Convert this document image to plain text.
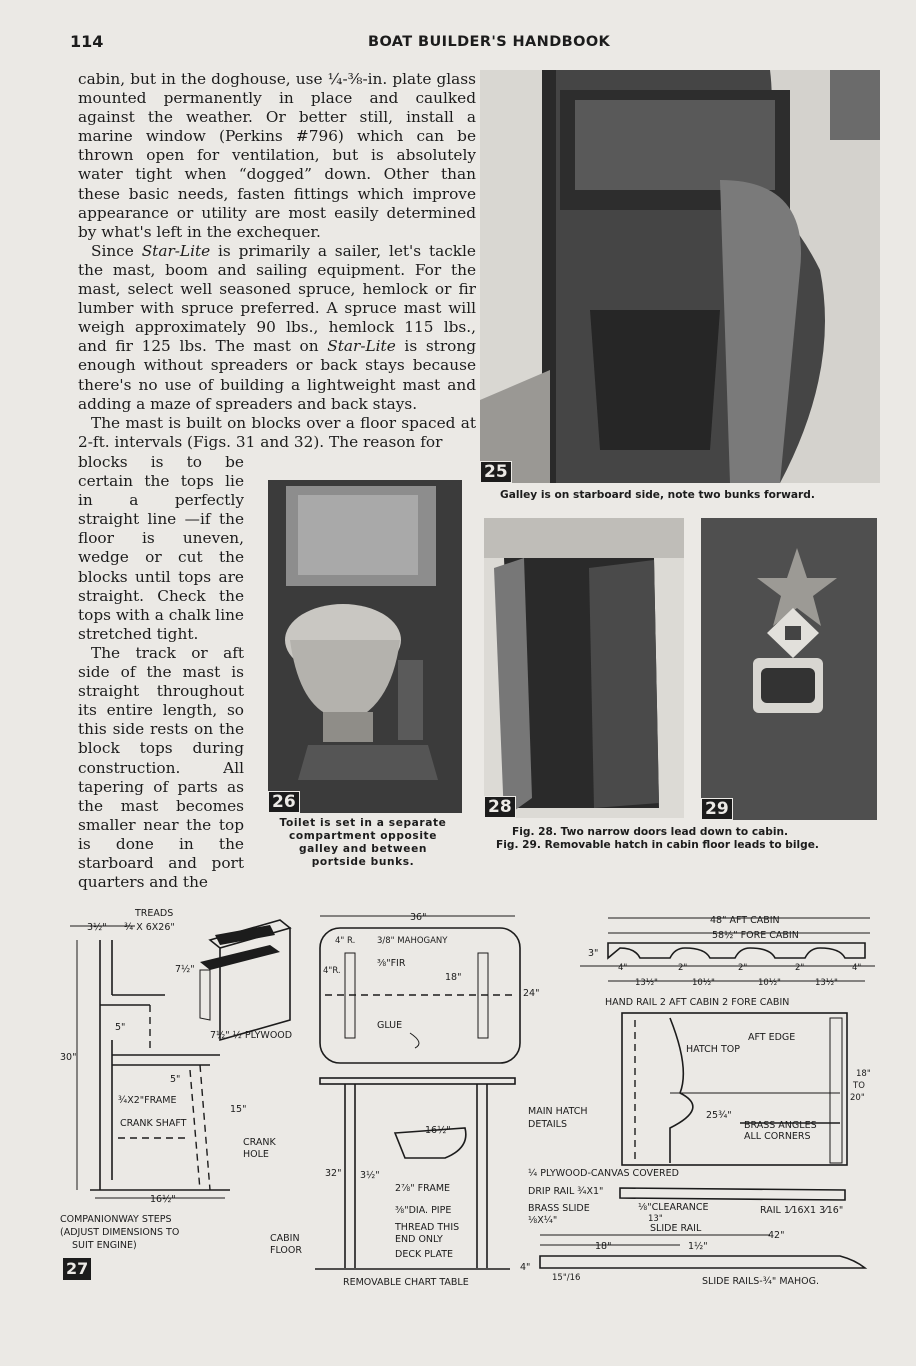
114	BOAT BUILDER'S HANDBOOK

cabin, but in the doghouse, use ¼-⅜-in. plate glass mounted permanently in place and caulked against the weather. Or better still, install a marine window (Perkins #796) which can be thrown open for ventilation, but is absolutely water tight when “dogged” down. Other than these basic needs, fasten fittings which improve appearance or utility are most easily determined by what's left in the exchequer.

Since Star-Lite is primarily a sailer, let's tackle the mast, boom and sailing equipment. For the mast, select well seasoned spruce, hemlock or fir lumber with spruce preferred. A spruce mast will weigh approximately 90 lbs., hemlock 115 lbs., and fir 125 lbs. The mast on Star-Lite is strong enough without spreaders or back stays because there's no use of building a lightweight mast and adding a maze of spreaders and back stays.

The mast is built on blocks over a floor spaced at 2-ft. intervals (Figs. 31 and 32). The reason for

blocks is to be certain the tops lie in a perfectly straight line —if the floor is uneven, wedge or cut the blocks until tops are straight. Check the tops with a chalk line stretched tight.

The track or aft side of the mast is straight throughout its entire length, so this side rests on the block tops during construction. All tapering of parts as the mast becomes smaller near the top is done in the starboard and port quarters and the

25
Galley is on starboard side, note two bunks forward.
26
Toilet is set in a separate compartment opposite galley and between portside bunks.
28	29
Fig. 28. Two narrow doors lead down to cabin.
Fig. 29. Removable hatch in cabin floor leads to bilge.
TREADS
3½" ¾ X 6X26"
7½"
7½" ½ PLYWOOD
5"
30"
5"
¾X2"FRAME
CRANK SHAFT
15"
CRANK
HOLE
16½"
COMPANIONWAY STEPS
(ADJUST DIMENSIONS TO
SUIT ENGINE)
27
36"
4" R.	3/8" MAHOGANY
4"R.
⅜"FIR
18"
24"
GLUE
16½"
32" 3½"
2⅞" FRAME
⅜"DIA. PIPE
THREAD THIS
END ONLY
DECK PLATE
CABIN
FLOOR
REMOVABLE CHART TABLE
48" AFT CABIN
58½" FORE CABIN
3"
4"	2"	2"	2"	4"
13½"	10½"	10½"	13½"
HAND RAIL 2 AFT CABIN 2 FORE CABIN
AFT EDGE
HATCH TOP
18"
TO
20"
MAIN HATCH
DETAILS
25¾"
BRASS ANGLES
ALL CORNERS
¼ PLYWOOD-CANVAS COVERED
DRIP RAIL ¾X1"
BRASS SLIDE
⅛X¼"
⅛"CLEARANCE
13"
RAIL 1⁄16X1 3⁄16"
SLIDE RAIL
42"
18"	1½"
4"
15"/16	SLIDE RAILS-¾" MAHOG.
